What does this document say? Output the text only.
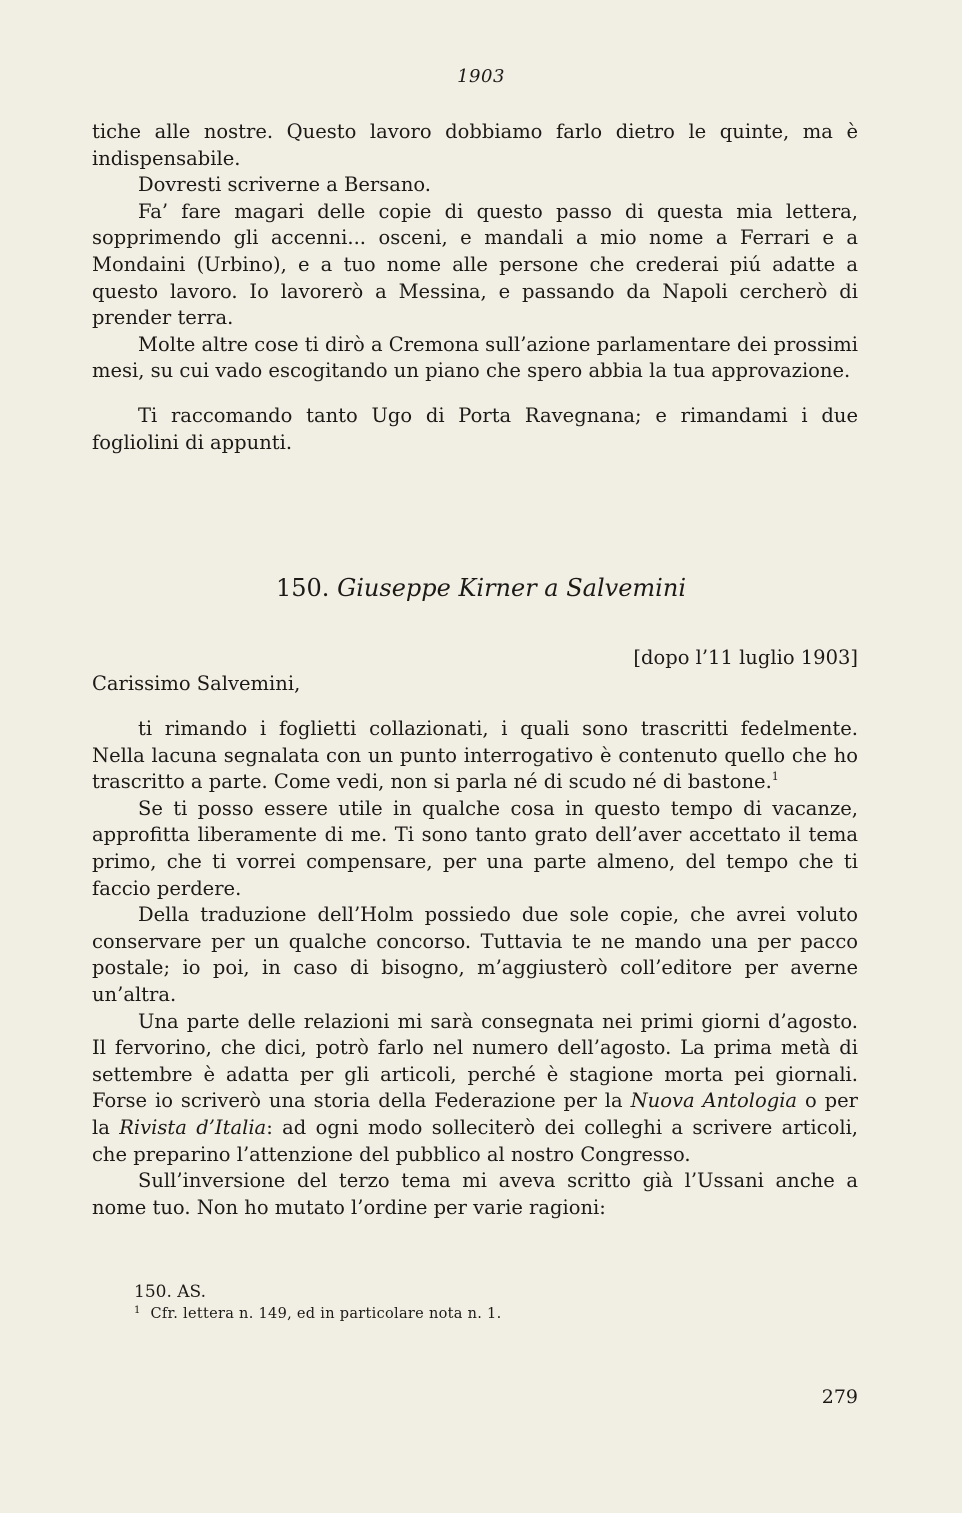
1903

tiche alle nostre. Questo lavoro dobbiamo farlo dietro le quinte, ma è indispensabile.

Dovresti scriverne a Bersano.

Fa’ fare magari delle copie di questo passo di questa mia lettera, sopprimendo gli accenni... osceni, e mandali a mio nome a Ferrari e a Mondaini (Urbino), e a tuo nome alle persone che crederai piú adatte a questo lavoro. Io lavorerò a Messina, e passando da Napoli cercherò di prender terra.

Molte altre cose ti dirò a Cremona sull’azione parlamentare dei prossimi mesi, su cui vado escogitando un piano che spero abbia la tua approvazione.

Ti raccomando tanto Ugo di Porta Ravegnana; e rimandami i due fogliolini di appunti.

150. Giuseppe Kirner a Salvemini
[dopo l’11 luglio 1903]
Carissimo Salvemini,

ti rimando i foglietti collazionati, i quali sono trascritti fedelmente. Nella lacuna segnalata con un punto interrogativo è contenuto quello che ho trascritto a parte. Come vedi, non si parla né di scudo né di bastone.$^1$

Se ti posso essere utile in qualche cosa in questo tempo di vacanze, approfitta liberamente di me. Ti sono tanto grato dell’aver accettato il tema primo, che ti vorrei compensare, per una parte almeno, del tempo che ti faccio perdere.

Della traduzione dell’Holm possiedo due sole copie, che avrei voluto conservare per un qualche concorso. Tuttavia te ne mando una per pacco postale; io poi, in caso di bisogno, m’aggiusterò coll’editore per averne un’altra.

Una parte delle relazioni mi sarà consegnata nei primi giorni d’agosto. Il fervorino, che dici, potrò farlo nel numero dell’agosto. La prima metà di settembre è adatta per gli articoli, perché è stagione morta pei giornali. Forse io scriverò una storia della Federazione per la Nuova Antologia o per la Rivista d’Italia: ad ogni modo solleciterò dei colleghi a scrivere articoli, che preparino l’attenzione del pubblico al nostro Congresso.

Sull’inversione del terzo tema mi aveva scritto già l’Ussani anche a nome tuo. Non ho mutato l’ordine per varie ragioni:

150. AS.
$^1$ Cfr. lettera n. 149, ed in particolare nota n. 1.
279
